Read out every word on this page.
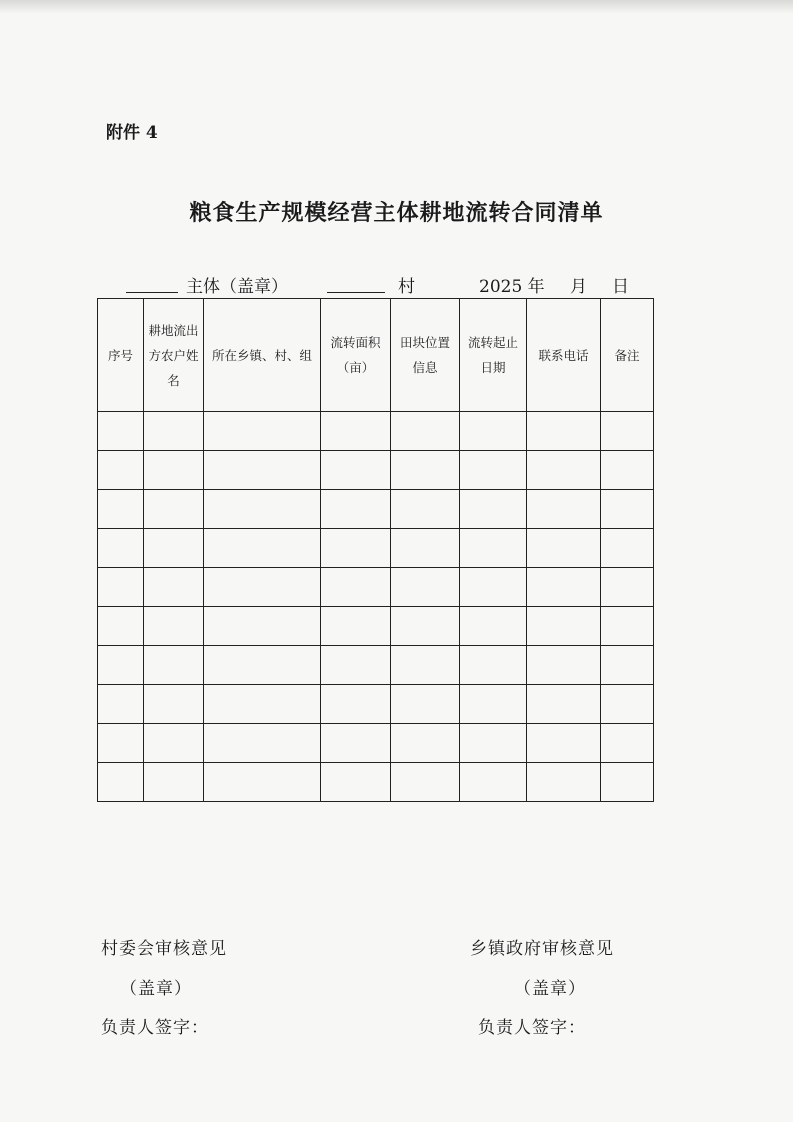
附件 4
粮食生产规模经营主体耕地流转合同清单
主体（盖章）	村	2025 年 月 日
序号	耕地流出方农户姓名	所在乡镇、村、组	流转面积（亩）	田块位置信息	流转起止日期	联系电话	备注

村委会审核意见
（盖章）
负责人签字：
乡镇政府审核意见
（盖章）
负责人签字：
